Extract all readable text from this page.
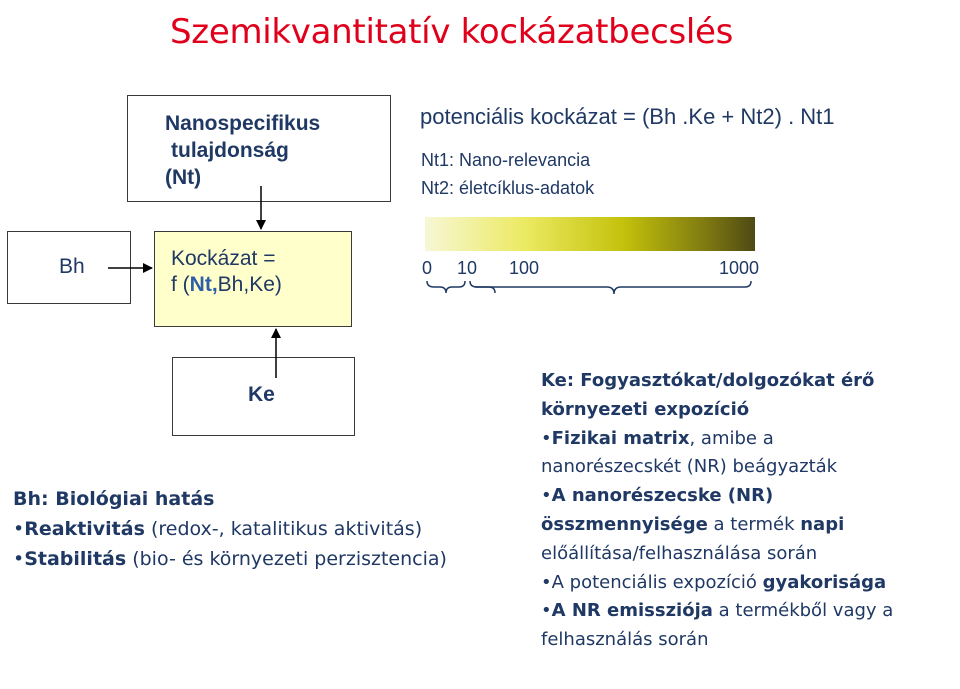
Szemikvantitatív kockázatbecslés
Nanospecifikus
tulajdonság
(Nt)
potenciális kockázat = (Bh .Ke + Nt2) . Nt1
Nt1: Nano-relevancia
Nt2: életcíklus-adatok
Bh	Kockázat =
f (Nt,Bh,Ke)
0 10 100	1000
Ke
Bh: Biológiai hatás
•Reaktivitás (redox-, katalitikus aktivitás)
•Stabilitás (bio- és környezeti perzisztencia)
Ke: Fogyasztókat/dolgozókat érő
környezeti expozíció
•Fizikai matrix, amibe a
nanorészecskét (NR) beágyazták
•A nanorészecske (NR)
összmennyisége a termék napi
előállítása/felhasználása során
•A potenciális expozíció gyakorisága
•A NR emissziója a termékből vagy a
felhasználás során
